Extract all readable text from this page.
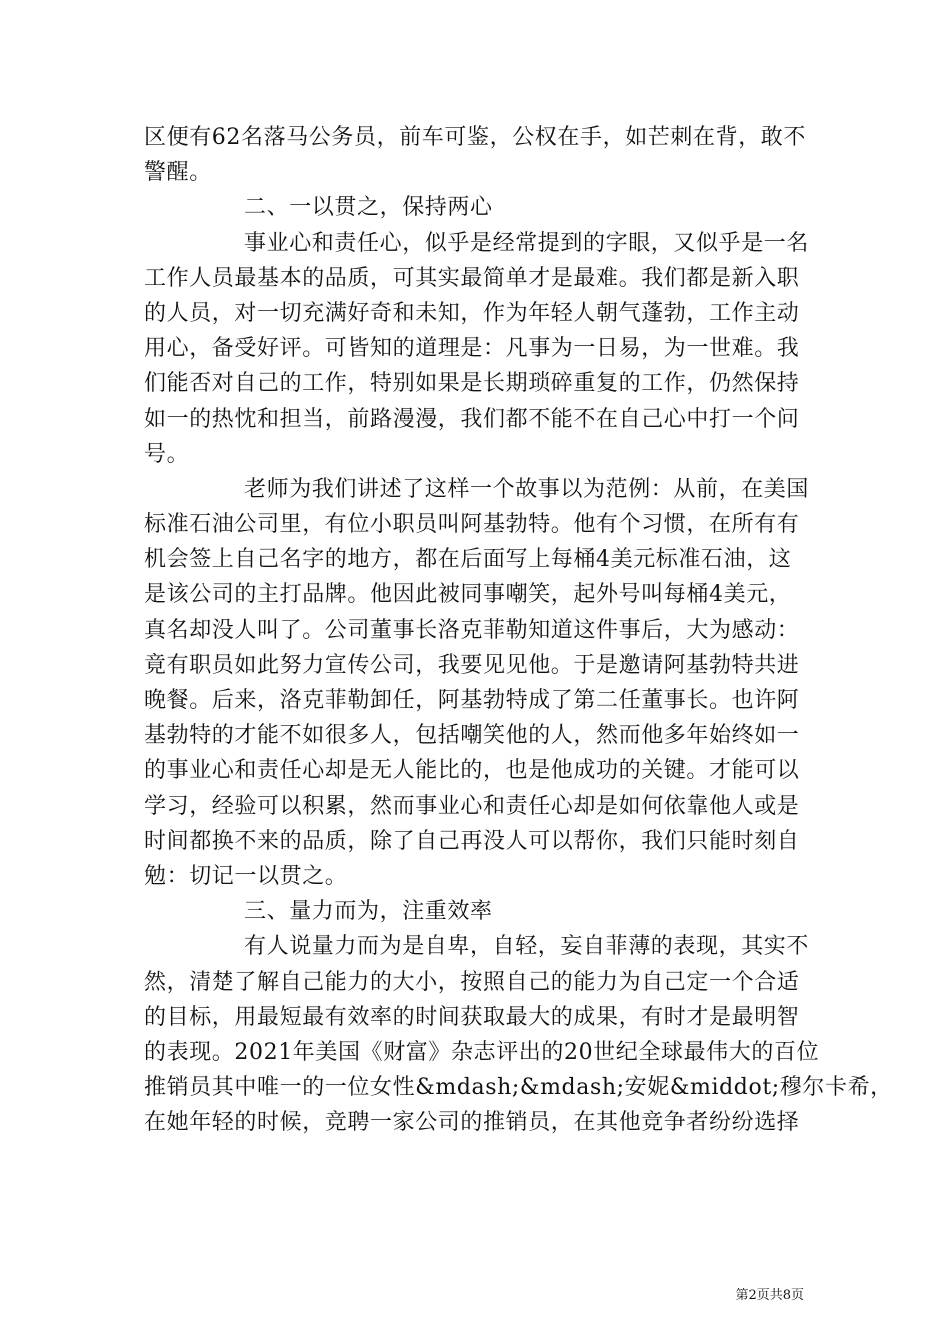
区便有62名落马公务员，前车可鉴，公权在手，如芒刺在背，敢不
警醒。
二、一以贯之，保持两心
事业心和责任心，似乎是经常提到的字眼，又似乎是一名
工作人员最基本的品质，可其实最简单才是最难。我们都是新入职
的人员，对一切充满好奇和未知，作为年轻人朝气蓬勃，工作主动
用心，备受好评。可皆知的道理是：凡事为一日易，为一世难。我
们能否对自己的工作，特别如果是长期琐碎重复的工作，仍然保持
如一的热忱和担当，前路漫漫，我们都不能不在自己心中打一个问
号。
老师为我们讲述了这样一个故事以为范例：从前，在美国
标准石油公司里，有位小职员叫阿基勃特。他有个习惯，在所有有
机会签上自己名字的地方，都在后面写上每桶4美元标准石油，这
是该公司的主打品牌。他因此被同事嘲笑，起外号叫每桶4美元，
真名却没人叫了。公司董事长洛克菲勒知道这件事后，大为感动：
竟有职员如此努力宣传公司，我要见见他。于是邀请阿基勃特共进
晚餐。后来，洛克菲勒卸任，阿基勃特成了第二任董事长。也许阿
基勃特的才能不如很多人，包括嘲笑他的人，然而他多年始终如一
的事业心和责任心却是无人能比的，也是他成功的关键。才能可以
学习，经验可以积累，然而事业心和责任心却是如何依靠他人或是
时间都换不来的品质，除了自己再没人可以帮你，我们只能时刻自
勉：切记一以贯之。
三、量力而为，注重效率
有人说量力而为是自卑，自轻，妄自菲薄的表现，其实不
然，清楚了解自己能力的大小，按照自己的能力为自己定一个合适
的目标，用最短最有效率的时间获取最大的成果，有时才是最明智
的表现。2021年美国《财富》杂志评出的20世纪全球最伟大的百位
推销员其中唯一的一位女性&mdash;&mdash;安妮&middot;穆尔卡希，
在她年轻的时候，竞聘一家公司的推销员，在其他竞争者纷纷选择
第2页共8页
